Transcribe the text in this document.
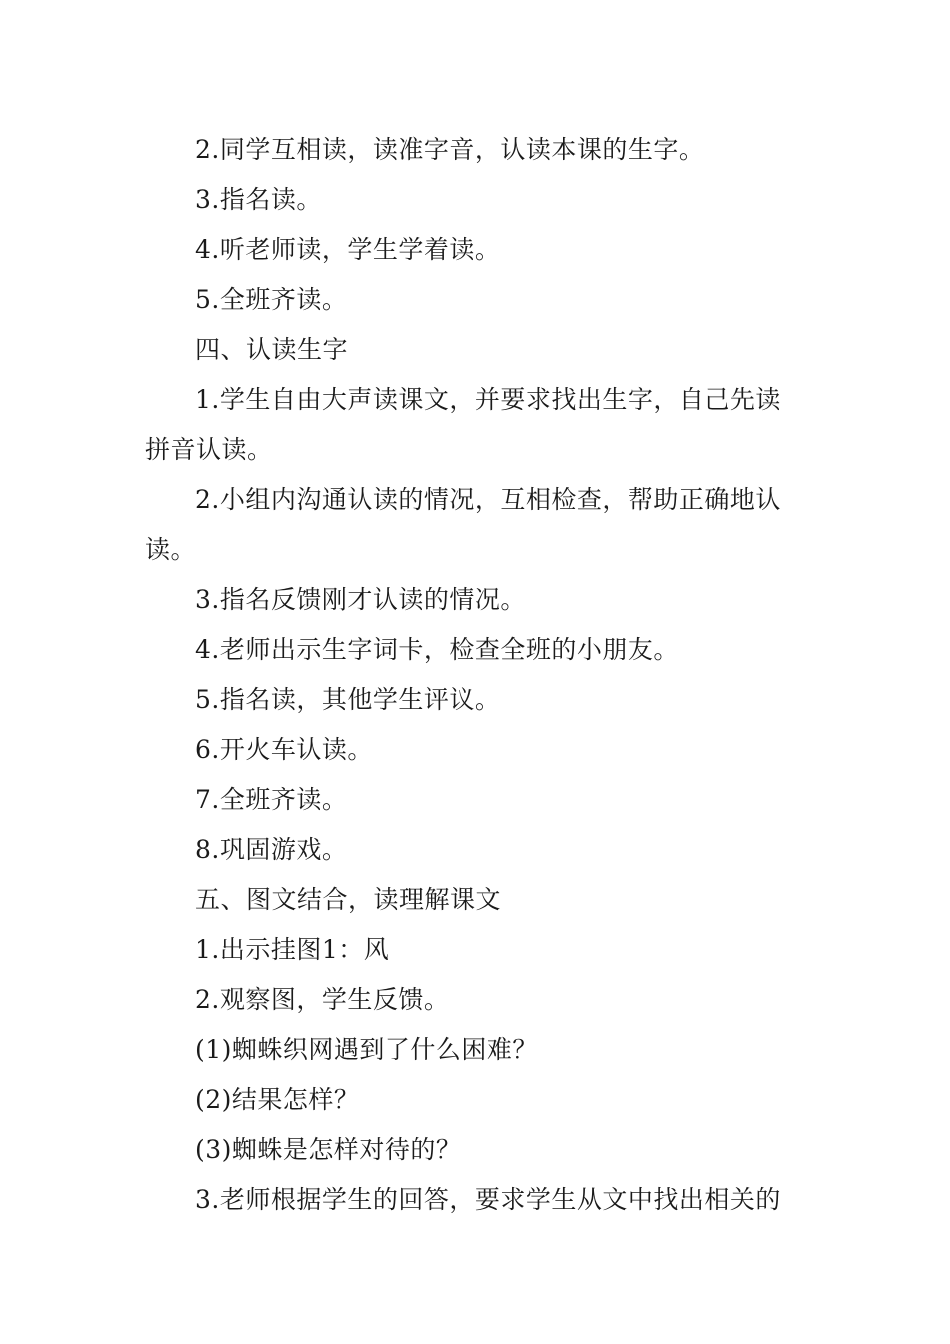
2.同学互相读，读准字音，认读本课的生字。
3.指名读。
4.听老师读，学生学着读。
5.全班齐读。
四、认读生字
1.学生自由大声读课文，并要求找出生字，自己先读
拼音认读。
2.小组内沟通认读的情况，互相检查，帮助正确地认
读。
3.指名反馈刚才认读的情况。
4.老师出示生字词卡，检查全班的小朋友。
5.指名读，其他学生评议。
6.开火车认读。
7.全班齐读。
8.巩固游戏。
五、图文结合，读理解课文
1.出示挂图1：风
2.观察图，学生反馈。
(1)蜘蛛织网遇到了什么困难？
(2)结果怎样？
(3)蜘蛛是怎样对待的？
3.老师根据学生的回答，要求学生从文中找出相关的
